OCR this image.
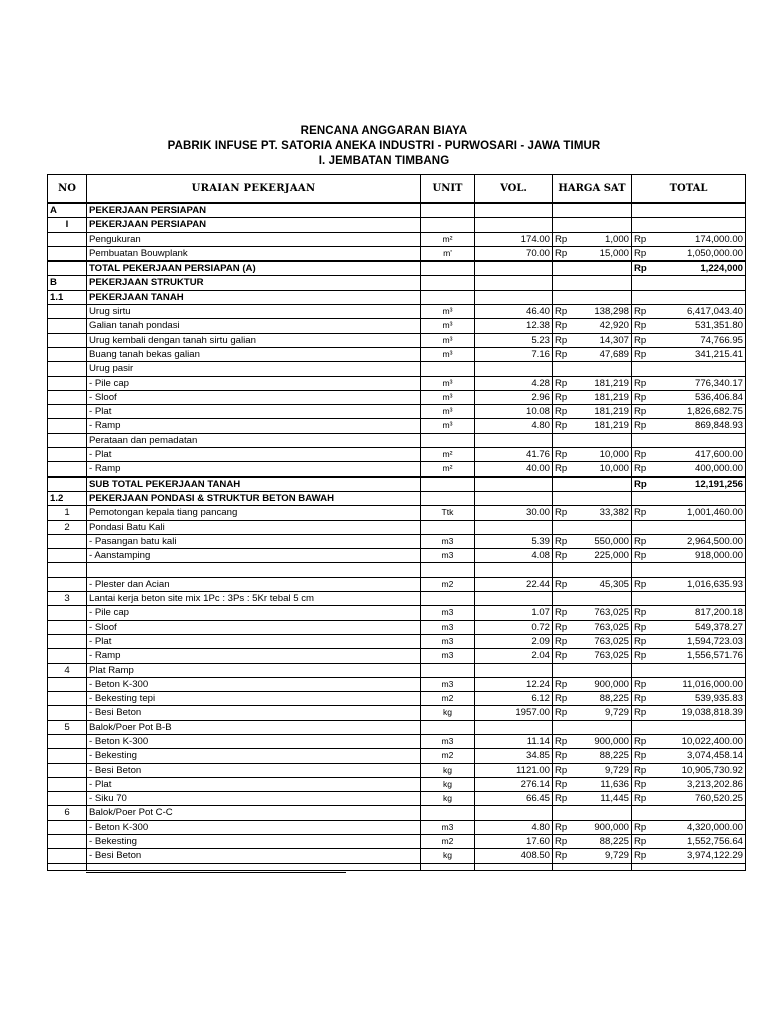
RENCANA ANGGARAN BIAYA
PABRIK INFUSE PT. SATORIA ANEKA INDUSTRI - PURWOSARI - JAWA TIMUR
I. JEMBATAN TIMBANG
NO	URAIAN PEKERJAAN	UNIT	VOL.	HARGA SAT	TOTAL
A	PEKERJAAN PERSIAPAN			

I	PEKERJAAN PERSIAPAN			

	Pengukuran	m²	174.00	Rp 1,000	Rp 174,000.00

	Pembuatan Bouwplank	m'	70.00	Rp 15,000	Rp 1,050,000.00

	TOTAL PEKERJAAN PERSIAPAN (A)				Rp 1,224,000

B	PEKERJAAN STRUKTUR			

1.1	PEKERJAAN TANAH			

	Urug sirtu	m³	46.40	Rp 138,298	Rp 6,417,043.40

	Galian tanah pondasi	m³	12.38	Rp 42,920	Rp 531,351.80

	Urug kembali dengan tanah sirtu galian	m³	5.23	Rp 14,307	Rp 74,766.95

	Buang tanah bekas galian	m³	7.16	Rp 47,689	Rp 341,215.41

	Urug pasir			

	- Pile cap	m³	4.28	Rp 181,219	Rp 776,340.17

	- Sloof	m³	2.96	Rp 181,219	Rp 536,406.84

	- Plat	m³	10.08	Rp 181,219	Rp 1,826,682.75

	- Ramp	m³	4.80	Rp 181,219	Rp 869,848.93

	Perataan dan pemadatan			

	- Plat	m²	41.76	Rp 10,000	Rp 417,600.00

	- Ramp	m²	40.00	Rp 10,000	Rp 400,000.00

	SUB TOTAL PEKERJAAN TANAH				Rp 12,191,256

1.2	PEKERJAAN PONDASI & STRUKTUR BETON BAWAH			

1	Pemotongan kepala tiang pancang	Ttk	30.00	Rp 33,382	Rp 1,001,460.00

2	Pondasi Batu Kali			

	- Pasangan batu kali	m3	5.39	Rp 550,000	Rp 2,964,500.00

	- Aanstamping	m3	4.08	Rp 225,000	Rp 918,000.00

	- Plester dan Acian	m2	22.44	Rp 45,305	Rp 1,016,635.93

3	Lantai kerja beton site mix 1Pc : 3Ps : 5Kr tebal 5 cm			

	- Pile cap	m3	1.07	Rp 763,025	Rp 817,200.18

	- Sloof	m3	0.72	Rp 763,025	Rp 549,378.27

	- Plat	m3	2.09	Rp 763,025	Rp 1,594,723.03

	- Ramp	m3	2.04	Rp 763,025	Rp 1,556,571.76

4	Plat Ramp			

	- Beton K-300	m3	12.24	Rp 900,000	Rp 11,016,000.00

	- Bekesting tepi	m2	6.12	Rp 88,225	Rp 539,935.83

	- Besi Beton	kg	1957.00	Rp 9,729	Rp 19,038,818.39

5	Balok/Poer Pot B-B			

	- Beton K-300	m3	11.14	Rp 900,000	Rp 10,022,400.00

	- Bekesting	m2	34.85	Rp 88,225	Rp 3,074,458.14

	- Besi Beton	kg	1121.00	Rp 9,729	Rp 10,905,730.92

	- Plat	kg	276.14	Rp 11,636	Rp 3,213,202.86

	- Siku 70	kg	66.45	Rp 11,445	Rp 760,520.25

6	Balok/Poer Pot C-C			

	- Beton K-300	m3	4.80	Rp 900,000	Rp 4,320,000.00

	- Bekesting	m2	17.60	Rp 88,225	Rp 1,552,756.64

	- Besi Beton	kg	408.50	Rp 9,729	Rp 3,974,122.29
